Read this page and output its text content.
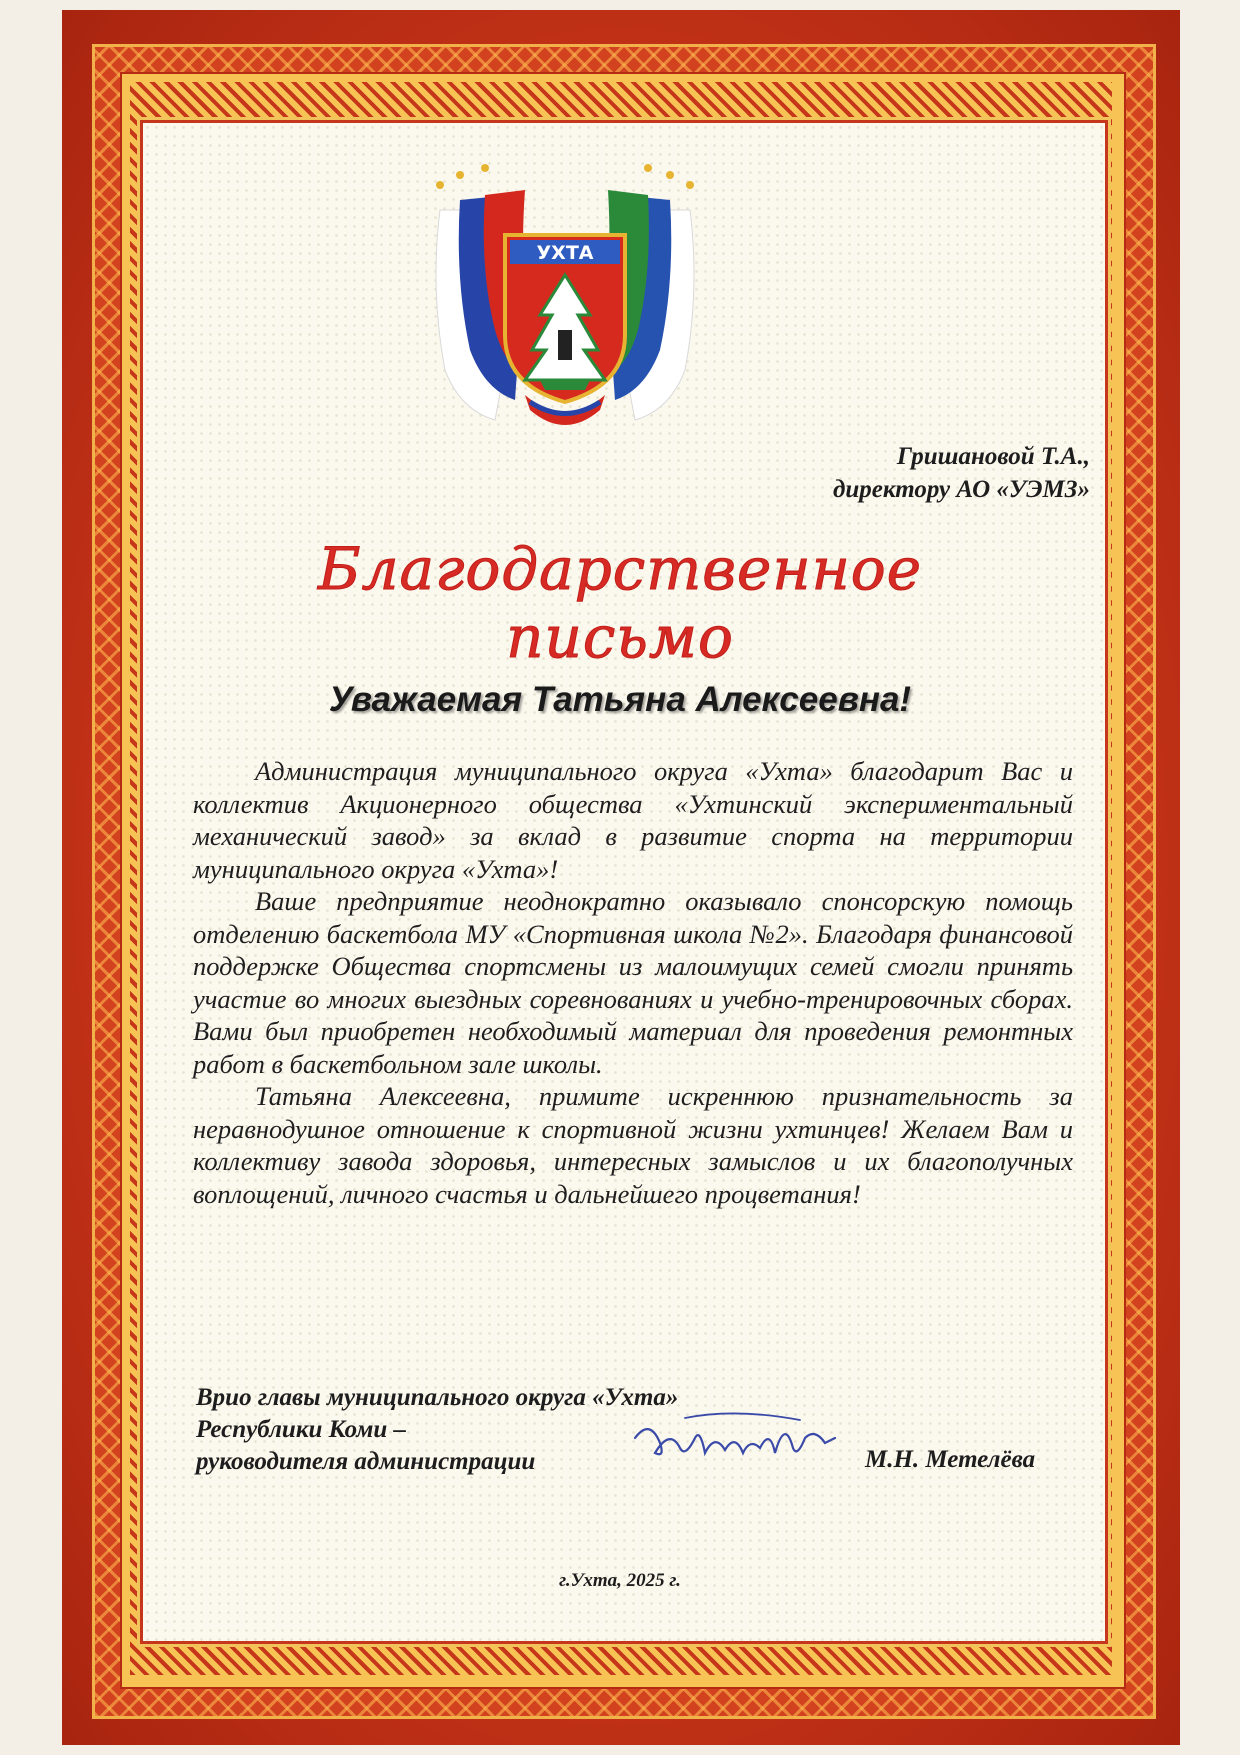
УХТА
Гришановой Т.А.,
директору АО «УЭМЗ»
Благодарственное письмо
Уважаемая Татьяна Алексеевна!

Администрация муниципального округа «Ухта» благодарит Вас и коллектив Акционерного общества «Ухтинский экспериментальный механический завод» за вклад в развитие спорта на территории муниципального округа «Ухта»!

Ваше предприятие неоднократно оказывало спонсорскую помощь отделению баскетбола МУ «Спортивная школа №2». Благодаря финансовой поддержке Общества спортсмены из малоимущих семей смогли принять участие во многих выездных соревнованиях и учебно-тренировочных сборах. Вами был приобретен необходимый материал для проведения ремонтных работ в баскетбольном зале школы.

Татьяна Алексеевна, примите искреннюю признательность за неравнодушное отношение к спортивной жизни ухтинцев! Желаем Вам и коллективу завода здоровья, интересных замыслов и их благополучных воплощений, личного счастья и дальнейшего процветания!

Врио главы муниципального округа «Ухта»
Республики Коми –
руководителя администрации	М.Н. Метелёва
г.Ухта, 2025 г.
